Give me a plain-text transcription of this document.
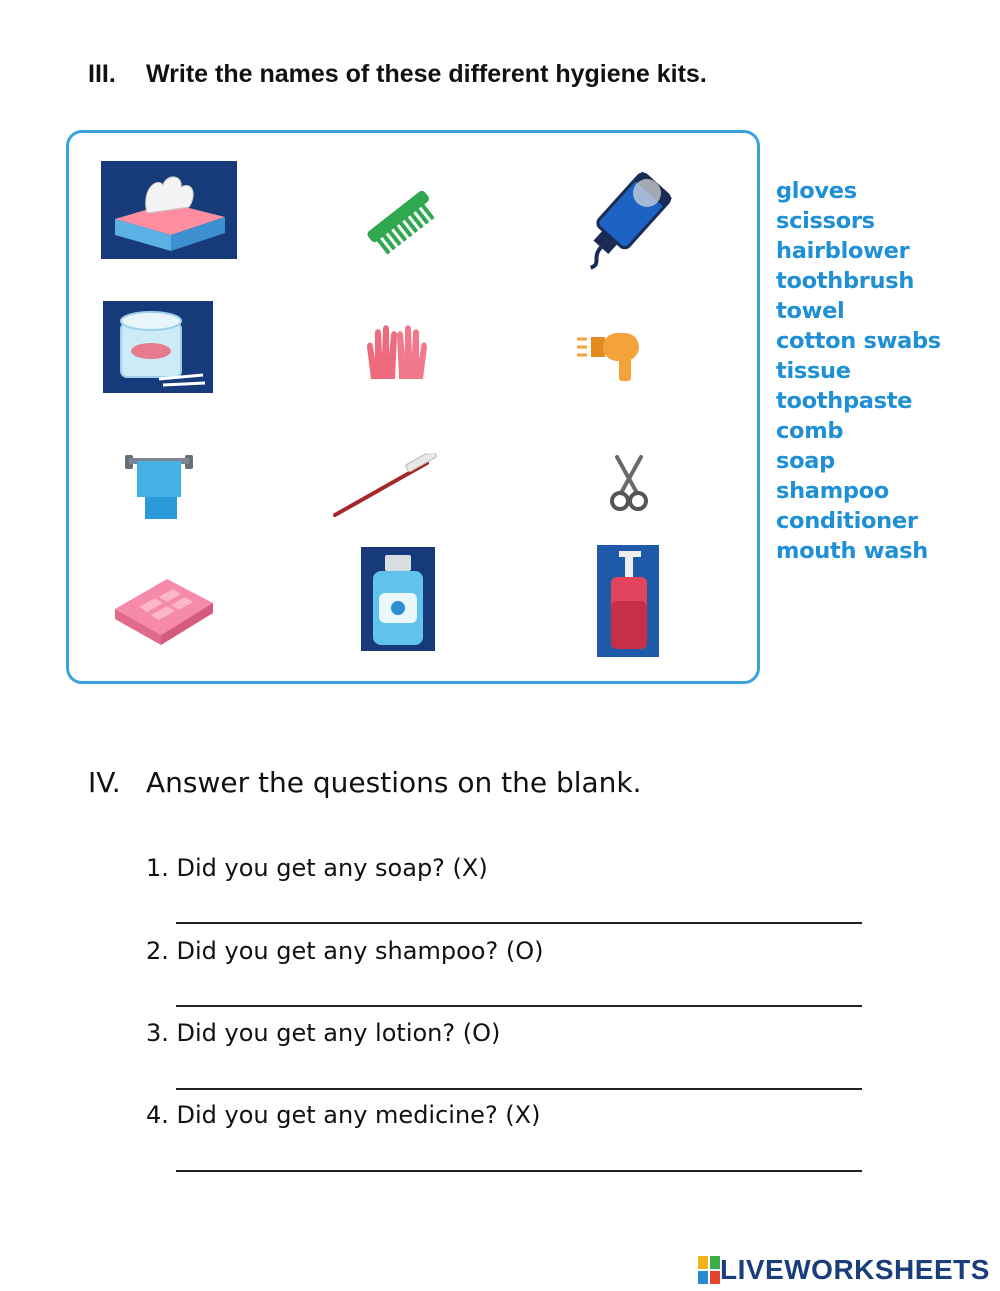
III. Write the names of these different hygiene kits.
gloves
scissors
hairblower
toothbrush
towel
cotton swabs
tissue
toothpaste
comb
soap
shampoo
conditioner
mouth wash
IV. Answer the questions on the blank.
1. Did you get any soap? (X)
2. Did you get any shampoo? (O)
3. Did you get any lotion? (O)
4. Did you get any medicine? (X)
LIVEWORKSHEETS
